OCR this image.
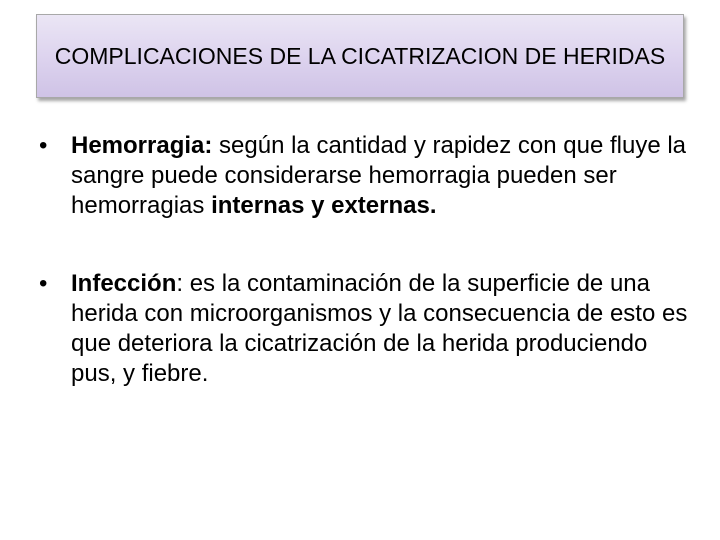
COMPLICACIONES DE LA CICATRIZACION DE HERIDAS
• Hemorragia: según la cantidad y rapidez con que fluye la sangre puede considerarse hemorragia pueden ser hemorragias internas y externas.
• Infección: es la contaminación de la superficie de una herida con microorganismos y la consecuencia de esto es que deteriora la cicatrización de la herida produciendo pus, y fiebre.
